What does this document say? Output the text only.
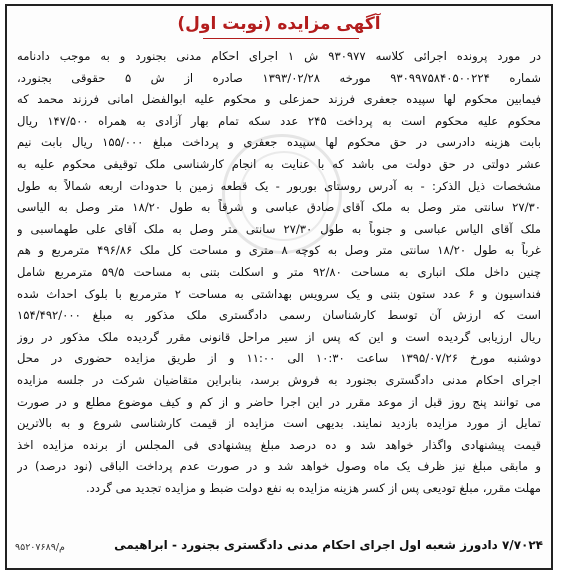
آگهی مزایده (نوبت اول)
در مورد پرونده اجرائی کلاسه ۹۳۰۹۷۷ ش ۱ اجرای احکام مدنی بجنورد و به موجب دادنامه
شماره ۹۳۰۹۹۷۵۸۴۰۵۰۰۲۲۴ مورخه ۱۳۹۳/۰۲/۲۸ صادره از ش ۵ حقوقی بجنورد،
فیمابین محکوم لها سپیده جعفری فرزند حمزعلی و محکوم علیه ابوالفضل امانی فرزند محمد که
محکوم علیه محکوم است به پرداخت ۲۴۵ عدد سکه تمام بهار آزادی به همراه ۱۴۷/۵۰۰ ریال
بابت هزینه دادرسی در حق محکوم لها سپیده جعفری و پرداخت مبلغ ۱۵۵/۰۰۰ ریال بابت نیم
عشر دولتی در حق دولت می باشد که با عنایت به انجام کارشناسی ملک توقیفی محکوم علیه به
مشخصات ذیل الذکر: - به آدرس روستای بوربور - یک قطعه زمین با حدودات اربعه شمالاً به طول
۲۷/۳۰ سانتی متر وصل به ملک آقای صادق عباسی و شرقاً به طول ۱۸/۲۰ متر وصل به الیاسی
ملک آقای الیاس عباسی و جنوباً به طول ۲۷/۳۰ سانتی متر وصل به ملک آقای علی طهماسبی و
غرباً به طول ۱۸/۲۰ سانتی متر وصل به کوچه ۸ متری و مساحت کل ملک ۴۹۶/۸۶ مترمربع و هم
چنین داخل ملک انباری به مساحت ۹۲/۸۰ متر و اسکلت بتنی به مساحت ۵۹/۵ مترمربع شامل
فنداسیون و ۶ عدد ستون بتنی و یک سرویس بهداشتی به مساحت ۲ مترمربع با بلوک احداث شده
است که ارزش آن توسط کارشناسان رسمی دادگستری ملک مذکور به مبلغ ۱۵۴/۴۹۲/۰۰۰
ریال ارزیابی گردیده است و این که پس از سیر مراحل قانونی مقرر گردیده ملک مذکور در روز
دوشنبه مورخ ۱۳۹۵/۰۷/۲۶ ساعت ۱۰:۳۰ الی ۱۱:۰۰ و از طریق مزایده حضوری در محل
اجرای احکام مدنی دادگستری بجنورد به فروش برسد، بنابراین متقاضیان شرکت در جلسه مزایده
می توانند پنج روز قبل از موعد مقرر در این اجرا حاضر و از کم و کیف موضوع مطلع و در صورت
تمایل از مورد مزایده بازدید نمایند. بدیهی است مزایده از قیمت کارشناسی شروع و به بالاترین
قیمت پیشنهادی واگذار خواهد شد و ده درصد مبلغ پیشنهادی فی المجلس از برنده مزایده اخذ
و مابقی مبلغ نیز ظرف یک ماه وصول خواهد شد و در صورت عدم پرداخت الباقی (نود درصد) در
مهلت مقرر، مبلغ تودیعی پس از کسر هزینه مزایده به نفع دولت ضبط و مزایده تجدید می گردد.
۷/۷۰۲۴ دادورز شعبه اول اجرای احکام مدنی دادگستری بجنورد - ابراهیمی
م/۹۵۲۰۷۶۸۹
